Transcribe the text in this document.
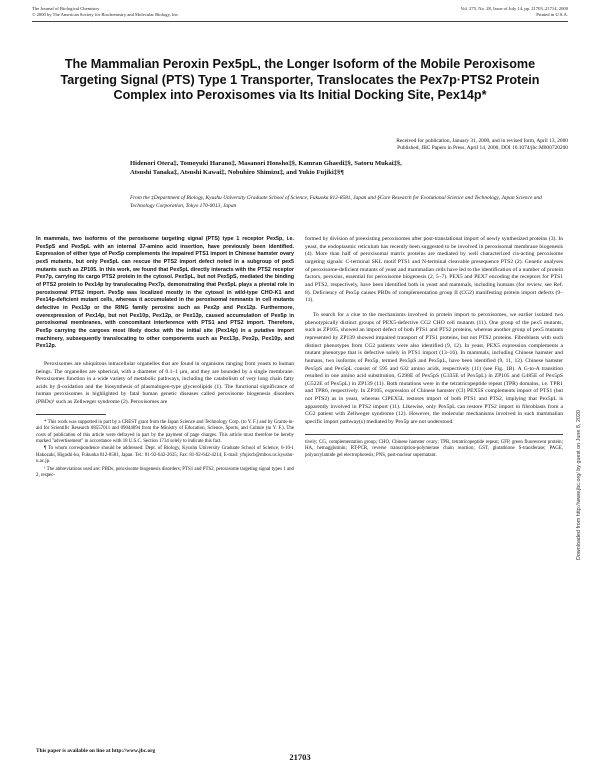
The Journal of Biological Chemistry
© 2000 by The American Society for Biochemistry and Molecular Biology, Inc.
Vol. 275, No. 28, Issue of July 14, pp. 21703–21714, 2000
Printed in U.S.A.
The Mammalian Peroxin Pex5pL, the Longer Isoform of the Mobile Peroxisome Targeting Signal (PTS) Type 1 Transporter, Translocates the Pex7p·PTS2 Protein Complex into Peroxisomes via Its Initial Docking Site, Pex14p*
Received for publication, January 31, 2000, and in revised form, April 13, 2000
Published, JBC Papers in Press, April 14, 2000, DOI 10.1074/jbc.M000720200
Hidenori Otera‡, Tomoyuki Harano‡, Masanori Honsho‡§, Kamran Ghaedi‡§, Satoru Mukai‡§,
Atsushi Tanaka‡, Atsushi Kawai‡, Nobuhiro Shimizu‡, and Yukio Fujiki‡§¶
From the ‡Department of Biology, Kyushu University Graduate School of Science, Fukuoka 812-8581, Japan and §Core Research for Evolutional Science and Technology, Japan Science and Technology Corporation, Tokyo 170-0013, Japan
In mammals, two isoforms of the peroxisome targeting signal (PTS) type 1 receptor Pex5p, i.e. Pex5pS and Pex5pL with an internal 37-amino acid insertion, have previously been identified. Expression of either type of Pex5p complements the impaired PTS1 import in Chinese hamster ovary pex5 mutants, but only Pex5pL can rescue the PTS2 import defect noted in a subgroup of pex5 mutants such as ZP105. In this work, we found that Pex5pL directly interacts with the PTS2 receptor Pex7p, carrying its cargo PTS2 protein in the cytosol. Pex5pL, but not Pex5pS, mediated the binding of PTS2 protein to Pex14p by translocating Pex7p, demonstrating that Pex5pL plays a pivotal role in peroxisomal PTS2 import. Pex5p was localized mostly in the cytosol in wild-type CHO-K1 and Pex14p-deficient mutant cells, whereas it accumulated in the peroxisomal remnants in cell mutants defective in Pex13p or the RING family peroxins such as Pex2p and Pex12p. Furthermore, overexpression of Pex14p, but not Pex10p, Pex12p, or Pex13p, caused accumulation of Pex5p in peroxisomal membranes, with concomitant interference with PTS1 and PTS2 import. Therefore, Pex5p carrying the cargoes most likely docks with the initial site (Pex14p) in a putative import machinery, subsequently translocating to other components such as Pex13p, Pex2p, Pex10p, and Pex12p.

Peroxisomes are ubiquitous intracellular organelles that are found in organisms ranging from yeasts to human beings. The organelles are spherical, with a diameter of 0.1–1 µm, and they are bounded by a single membrane. Peroxisomes function in a wide variety of metabolic pathways, including the catabolism of very long chain fatty acids by β-oxidation and the biosynthesis of plasmalogen-type glycerolipids (1). The functional significance of human peroxisomes is highlighted by fatal human genetic diseases called peroxisome biogenesis disorders (PBDs)¹ such as Zellweger syndrome (2). Peroxisomes are

* This work was supported in part by a CREST grant from the Japan Science and Technology Corp. (to Y. F.) and by Grants-in-aid for Scientific Research 08557011 and 09044094 from the Ministry of Education, Science, Sports, and Culture (to Y. F.). The costs of publication of this article were defrayed in part by the payment of page charges. This article must therefore be hereby marked "advertisement" in accordance with 18 U.S.C. Section 1734 solely to indicate this fact.

¶ To whom correspondence should be addressed: Dept. of Biology, Kyushu University Graduate School of Science, 6-10-1 Hakozaki, Higashi-ku, Fukuoka 812-8581, Japan. Tel.: 81-92-642-2635; Fax: 81-92-642-4214; E-mail: yfujiscb@mbox.nc.kyushu-u.ac.jp.

¹ The abbreviations used are: PBDs, peroxisome biogenesis disorders; PTS1 and PTS2, peroxisome targeting signal types 1 and 2, respec-

formed by division of preexisting peroxisomes after post-translational import of newly synthesized proteins (3). In yeast, the endoplasmic reticulum has recently been suggested to be involved in peroxisomal membrane biogenesis (4). More than half of peroxisomal matrix proteins are mediated by well characterized cis-acting peroxisome targeting signals: C-terminal SKL motif PTS1 and N-terminal cleavable presequence PTS2 (2). Genetic analyses of peroxisome-deficient mutants of yeast and mammalian cells have led to the identification of a number of protein factors, peroxins, essential for peroxisome biogenesis (2, 5–7). PEX5 and PEX7 encoding the receptors for PTS1 and PTS2, respectively, have been identified both in yeast and mammals, including humans (for review, see Ref. 8). Deficiency of Pex5p causes PBDs of complementation group II (CG2) manifesting protein import defects (9–11).

To search for a clue to the mechanisms involved in protein import to peroxisomes, we earlier isolated two phenotypically distinct groups of PEX5-defective CG2 CHO cell mutants (11). One group of the pex5 mutants, such as ZP105, showed an import defect of both PTS1 and PTS2 proteins, whereas another group of pex5 mutants represented by ZP139 showed impaired transport of PTS1 proteins, but not PTS2 proteins. Fibroblasts with such distinct phenotypes from CG2 patients were also identified (9, 12). In yeast, PEX5 expression complements a mutant phenotype that is defective solely in PTS1 import (13–16). In mammals, including Chinese hamster and humans, two isoforms of Pex5p, termed Pex5pS and Pex5pL, have been identified (9, 11, 12). Chinese hamster Pex5pS and Pex5pL consist of 595 and 632 amino acids, respectively (11) (see Fig. 1B). A G-to-A transition resulted in one amino acid substitution, G298E of Pex5pS (G335E of Pex5pL) in ZP105 and G485E of Pex5pS (G522E of Pex5pL) in ZP139 (11). Both mutations were in the tetratricopeptide repeat (TPR) domains, i.e. TPR1 and TPR6, respectively. In ZP105, expression of Chinese hamster (Cl) PEX5S complements import of PTS1 (but not PTS2) as in yeast, whereas ClPEX5L restores import of both PTS1 and PTS2, implying that Pex5pL is apparently involved in PTS2 import (11). Likewise, only Pex5pL can restore PTS2 import in fibroblasts from a CG2 patient with Zellweger syndrome (12). However, the molecular mechanisms involved in such mammalian specific import pathway(s) mediated by Pex5p are not understood.

tively; CG, complementation group; CHO, Chinese hamster ovary; TPR, tetratricopeptide repeat; GFP, green fluorescent protein; HA, hemagglutinin; RT-PCR, reverse transcription-polymerase chain reaction; GST, glutathione S-transferase; PAGE, polyacrylamide gel electrophoresis; PNS, post-nuclear supernatant.	Downloaded from http://www.jbc.org/ by guest on June 8, 2020
This paper is available on line at http://www.jbc.org
21703
